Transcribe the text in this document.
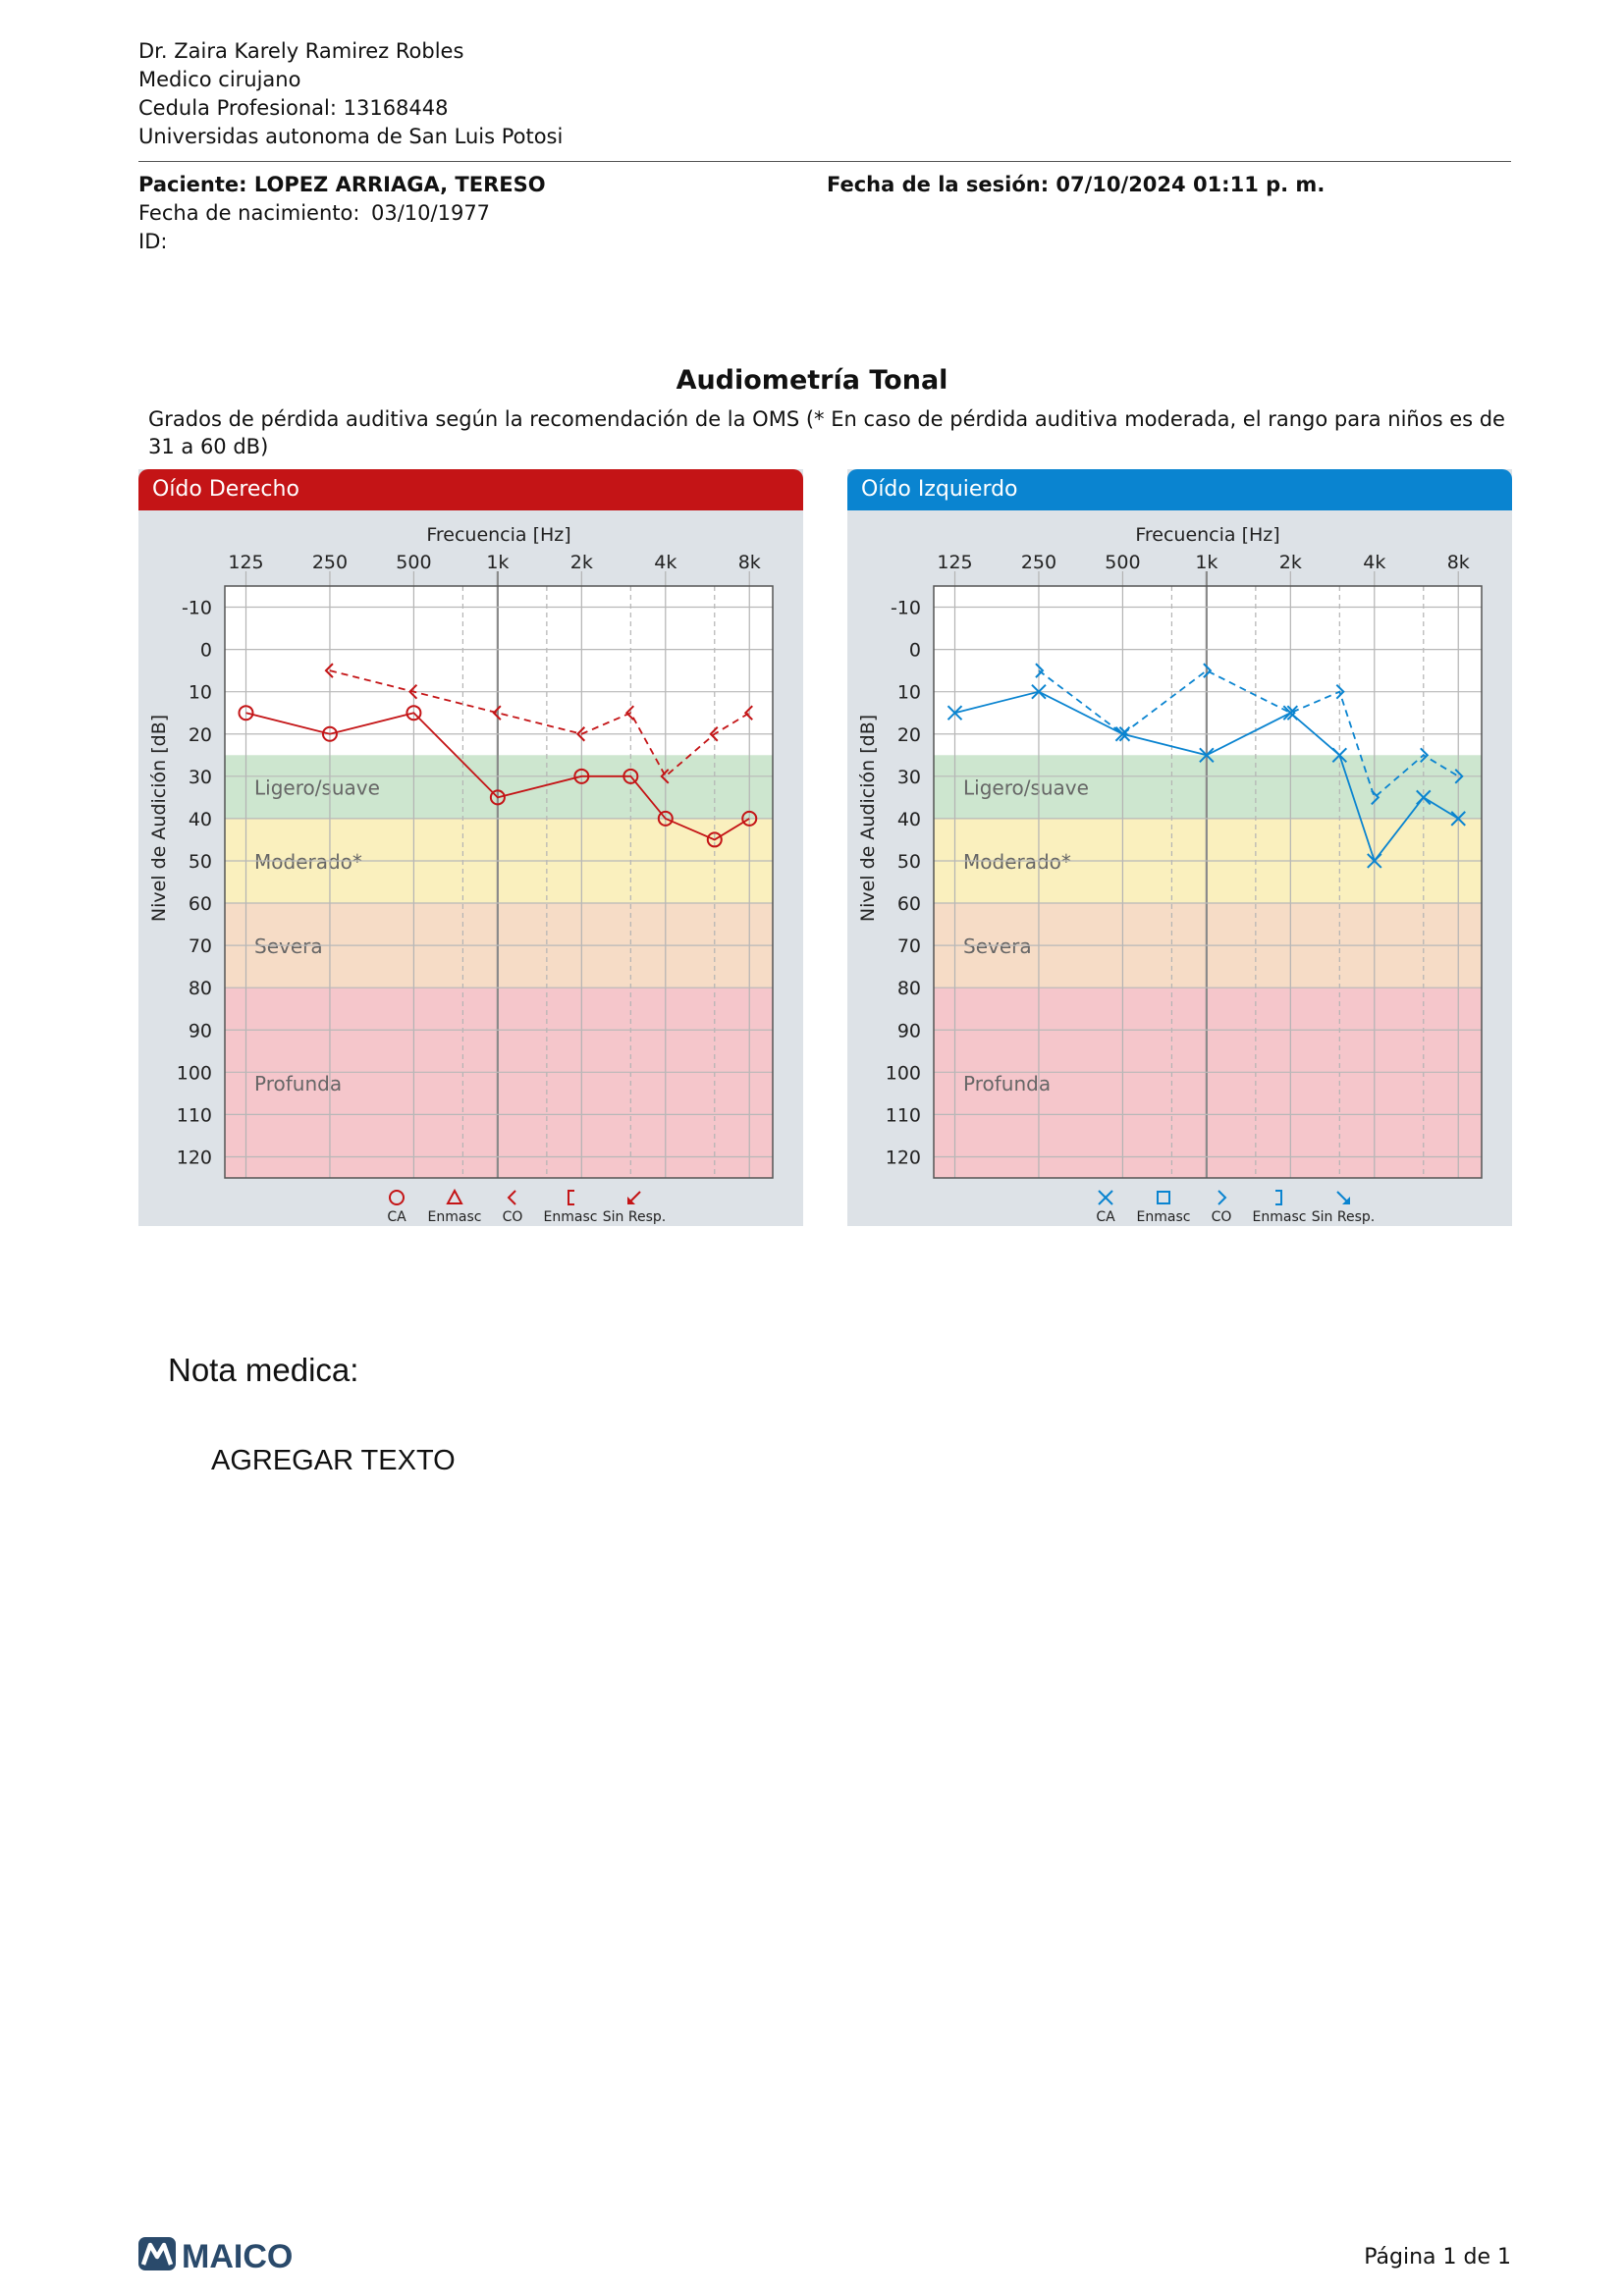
Dr. Zaira Karely Ramirez Robles
Medico cirujano
Cedula Profesional: 13168448
Universidas autonoma de San Luis Potosi
Paciente: LOPEZ ARRIAGA, TERESO	Fecha de la sesión: 07/10/2024 01:11 p. m.
Fecha de nacimiento: 03/10/1977
ID:
Audiometría Tonal
Grados de pérdida auditiva según la recomendación de la OMS (* En caso de pérdida auditiva moderada, el rango para niños es de 31 a 60 dB)
Oído Derecho
Ligero/suave
Moderado*
Severa
Profunda
Frecuencia [Hz]
125	250	500	1k	2k	4k	8k
-10
0
10
20
30
40
50
60
70
80
90
100
110
120
Nivel de Audición [dB]
CA Enmasc CO Enmasc Sin Resp.
Oído Izquierdo
Ligero/suave
Moderado*
Severa
Profunda
Frecuencia [Hz]
125	250	500	1k	2k	4k	8k
-10
0
10
20
30
40
50
60
70
80
90
100
110
120
Nivel de Audición [dB]
CA Enmasc CO Enmasc Sin Resp.
Nota medica:
AGREGAR TEXTO
MAICO	Página 1 de 1
